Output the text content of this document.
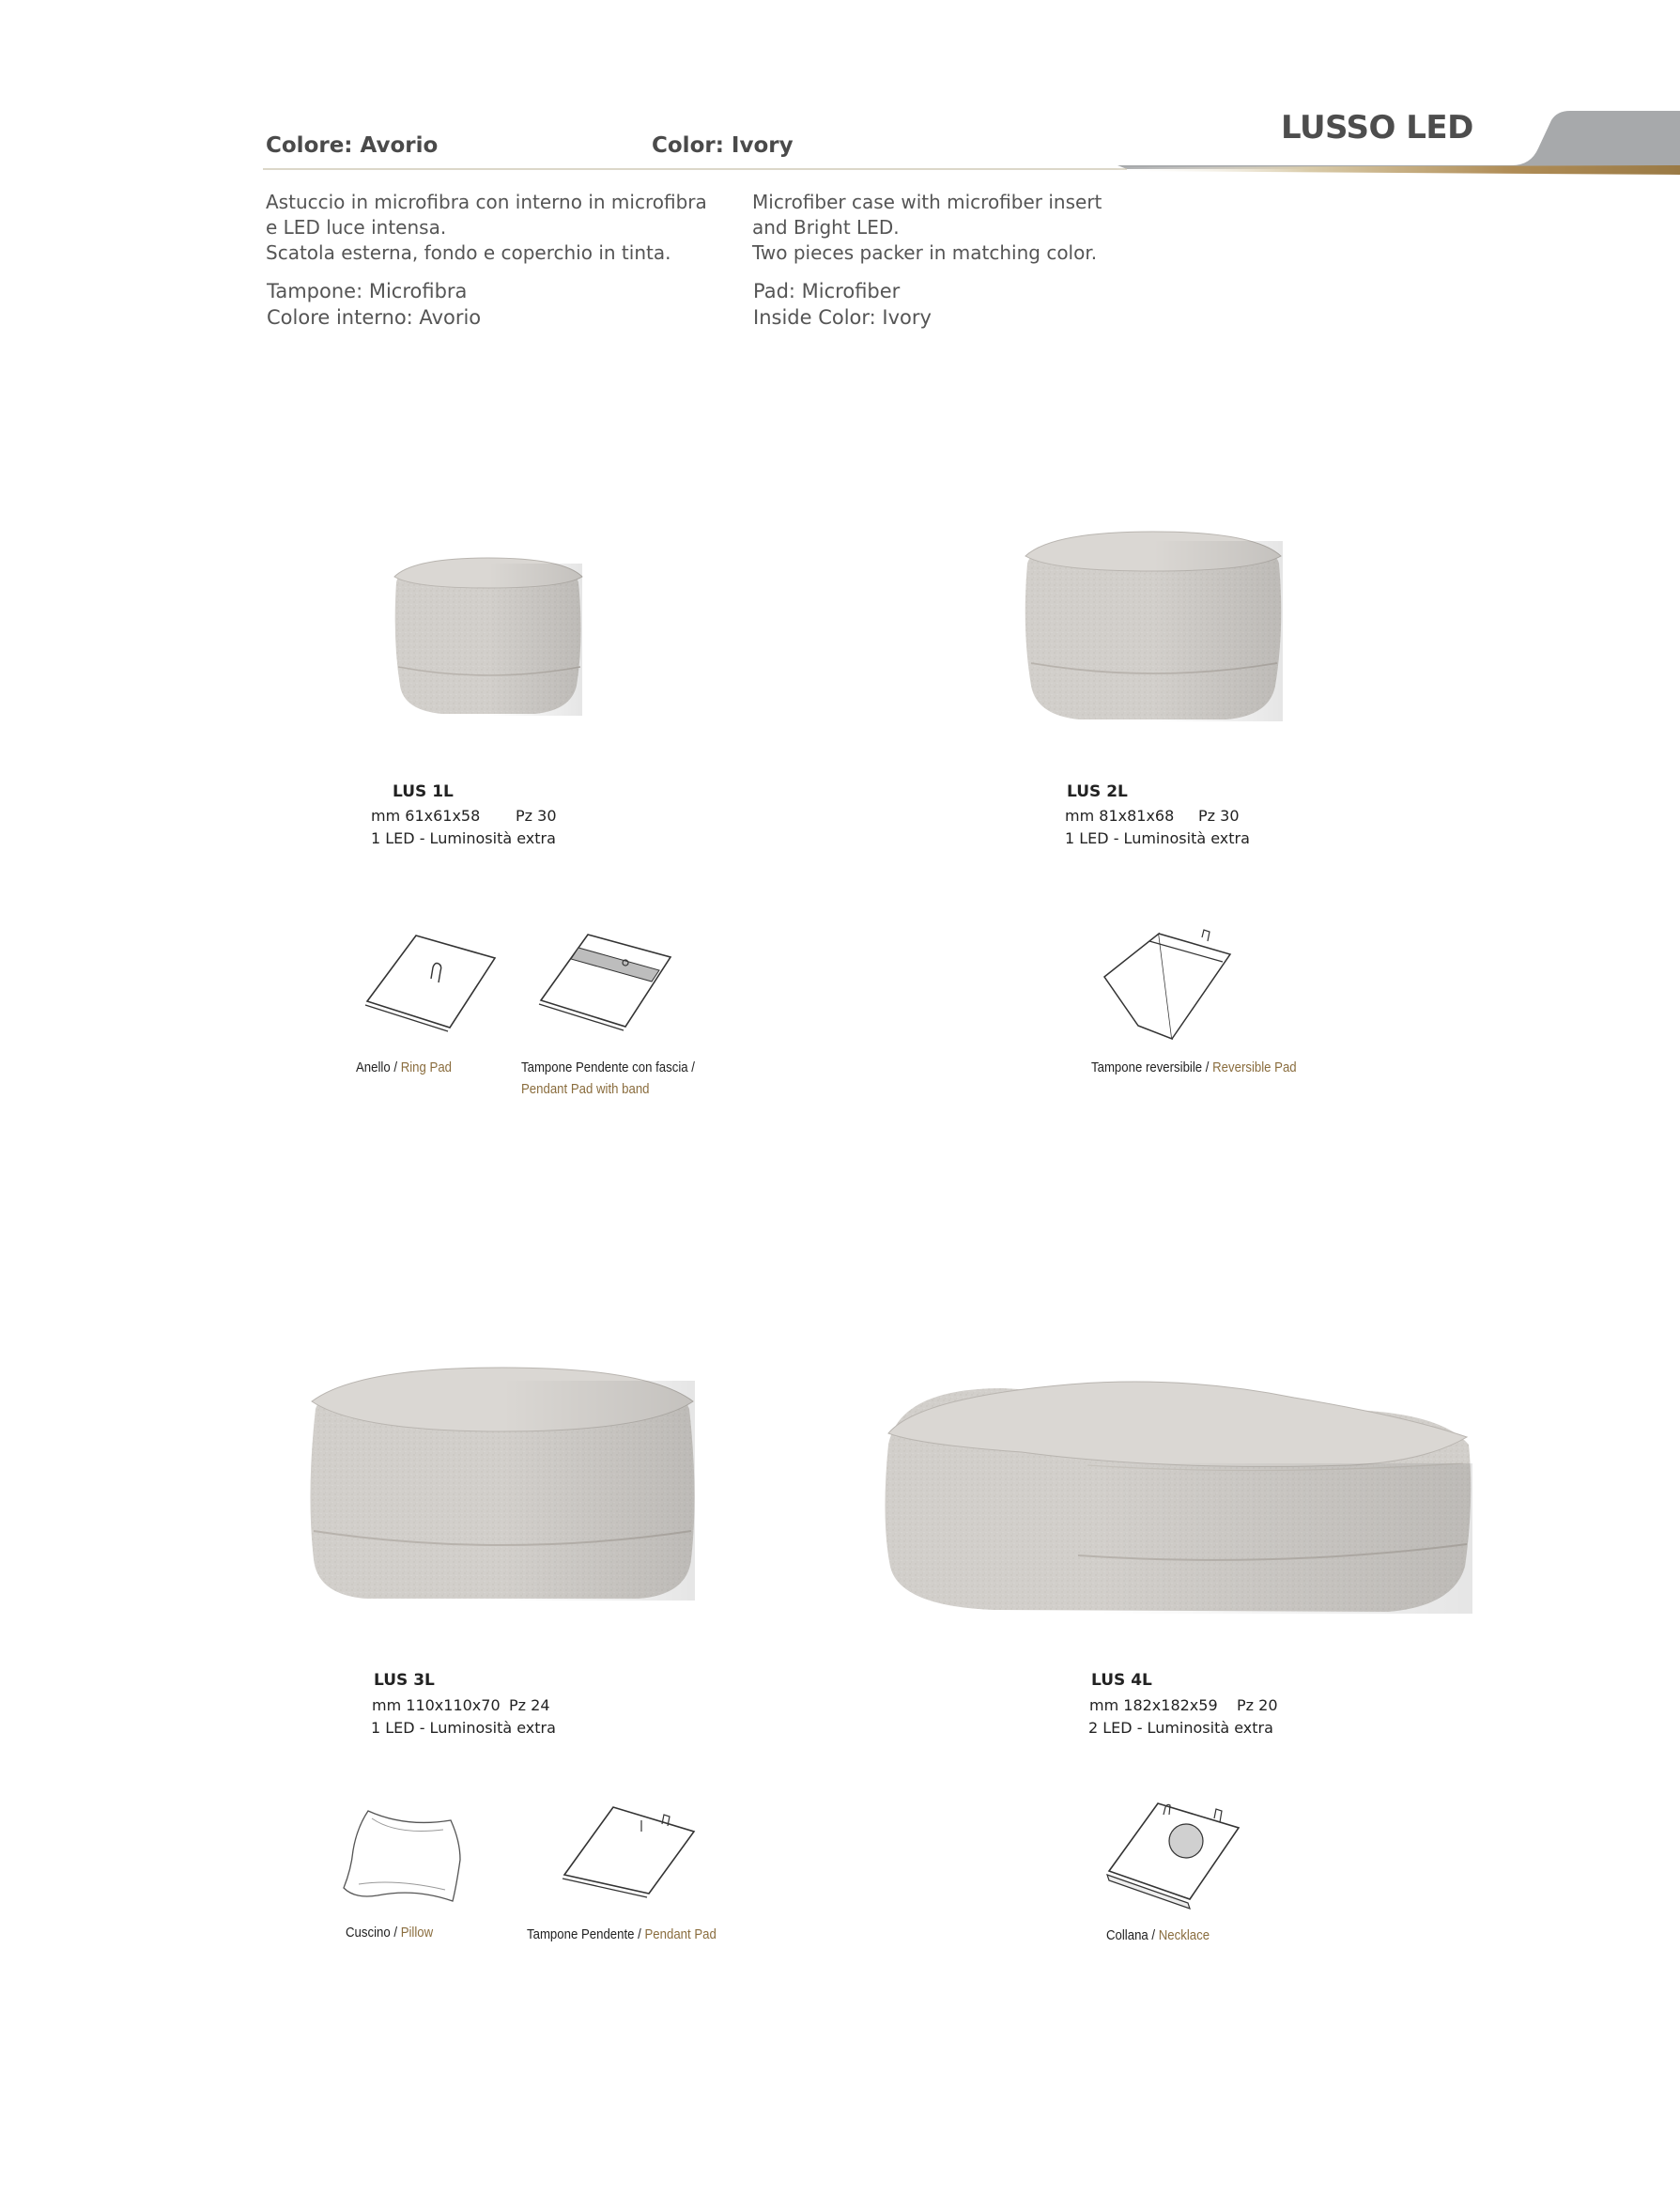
Colore: Avorio	Color: Ivory	LUSSO LED
Astuccio in microfibra con interno in microfibra
e LED luce intensa.
Scatola esterna, fondo e coperchio in tinta.
Tampone: Microfibra
Colore interno: Avorio
Microfiber case with microfiber insert
and Bright LED.
Two pieces packer in matching color.
Pad: Microfiber
Inside Color: Ivory
LUS 1L
mm 61x61x58 Pz 30
1 LED - Luminosità extra
LUS 2L
mm 81x81x68 Pz 30
1 LED - Luminosità extra
Anello / Ring Pad	Tampone Pendente con fascia /
Pendant Pad with band
Tampone reversibile / Reversible Pad
LUS 3L
mm 110x110x70 Pz 24
1 LED - Luminosità extra
LUS 4L
mm 182x182x59 Pz 20
2 LED - Luminosità extra
Cuscino / Pillow	Tampone Pendente / Pendant Pad	Collana / Necklace
